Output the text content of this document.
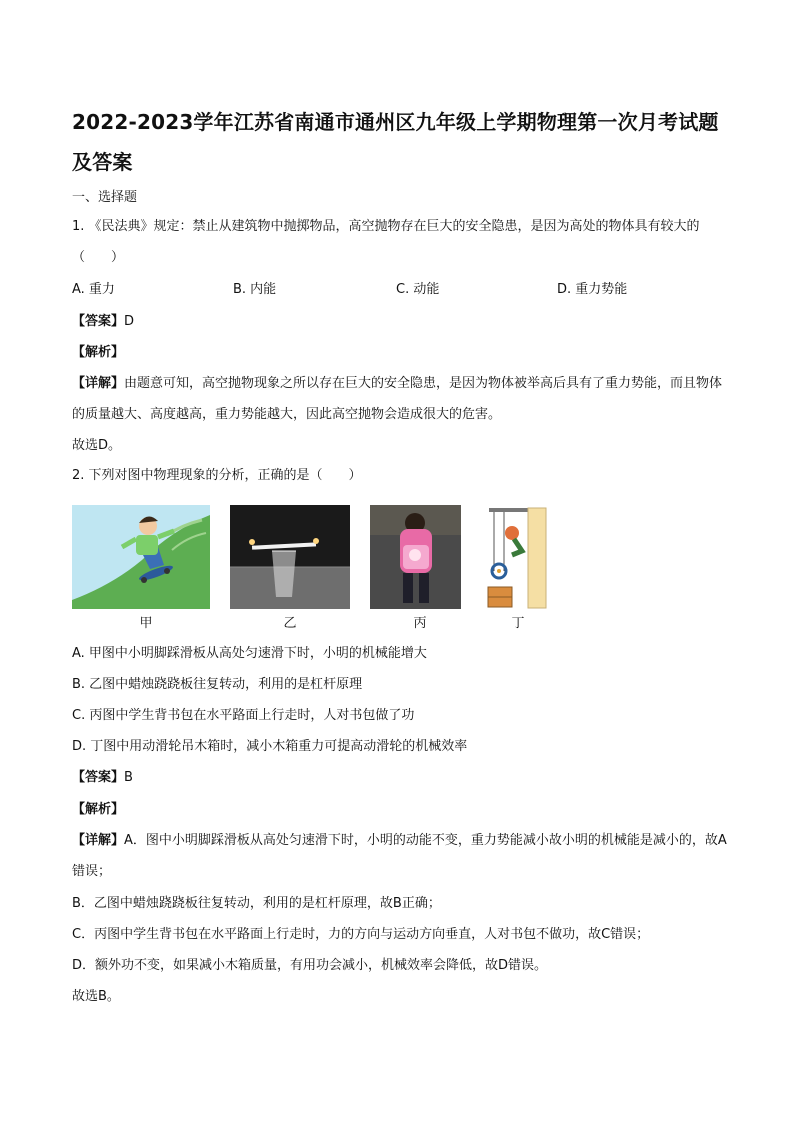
2022-2023学年江苏省南通市通州区九年级上学期物理第一次月考试题及答案
一、选择题
1. 《民法典》规定：禁止从建筑物中抛掷物品，高空抛物存在巨大的安全隐患，是因为高处的物体具有较大的（　　）
A. 重力	B. 内能	C. 动能	D. 重力势能
【答案】D
【解析】
【详解】由题意可知，高空抛物现象之所以存在巨大的安全隐患，是因为物体被举高后具有了重力势能，而且物体的质量越大、高度越高，重力势能越大，因此高空抛物会造成很大的危害。
故选D。
2. 下列对图中物理现象的分析，正确的是（　　）
甲	乙	丙	丁
A. 甲图中小明脚踩滑板从高处匀速滑下时，小明的机械能增大
B. 乙图中蜡烛跷跷板往复转动，利用的是杠杆原理
C. 丙图中学生背书包在水平路面上行走时，人对书包做了功
D. 丁图中用动滑轮吊木箱时，减小木箱重力可提高动滑轮的机械效率
【答案】B
【解析】
【详解】A．图中小明脚踩滑板从高处匀速滑下时，小明的动能不变，重力势能减小故小明的机械能是减小的，故A错误；
B．乙图中蜡烛跷跷板往复转动，利用的是杠杆原理，故B正确；
C．丙图中学生背书包在水平路面上行走时，力的方向与运动方向垂直，人对书包不做功，故C错误；
D．额外功不变，如果减小木箱质量，有用功会减小，机械效率会降低，故D错误。
故选B。
